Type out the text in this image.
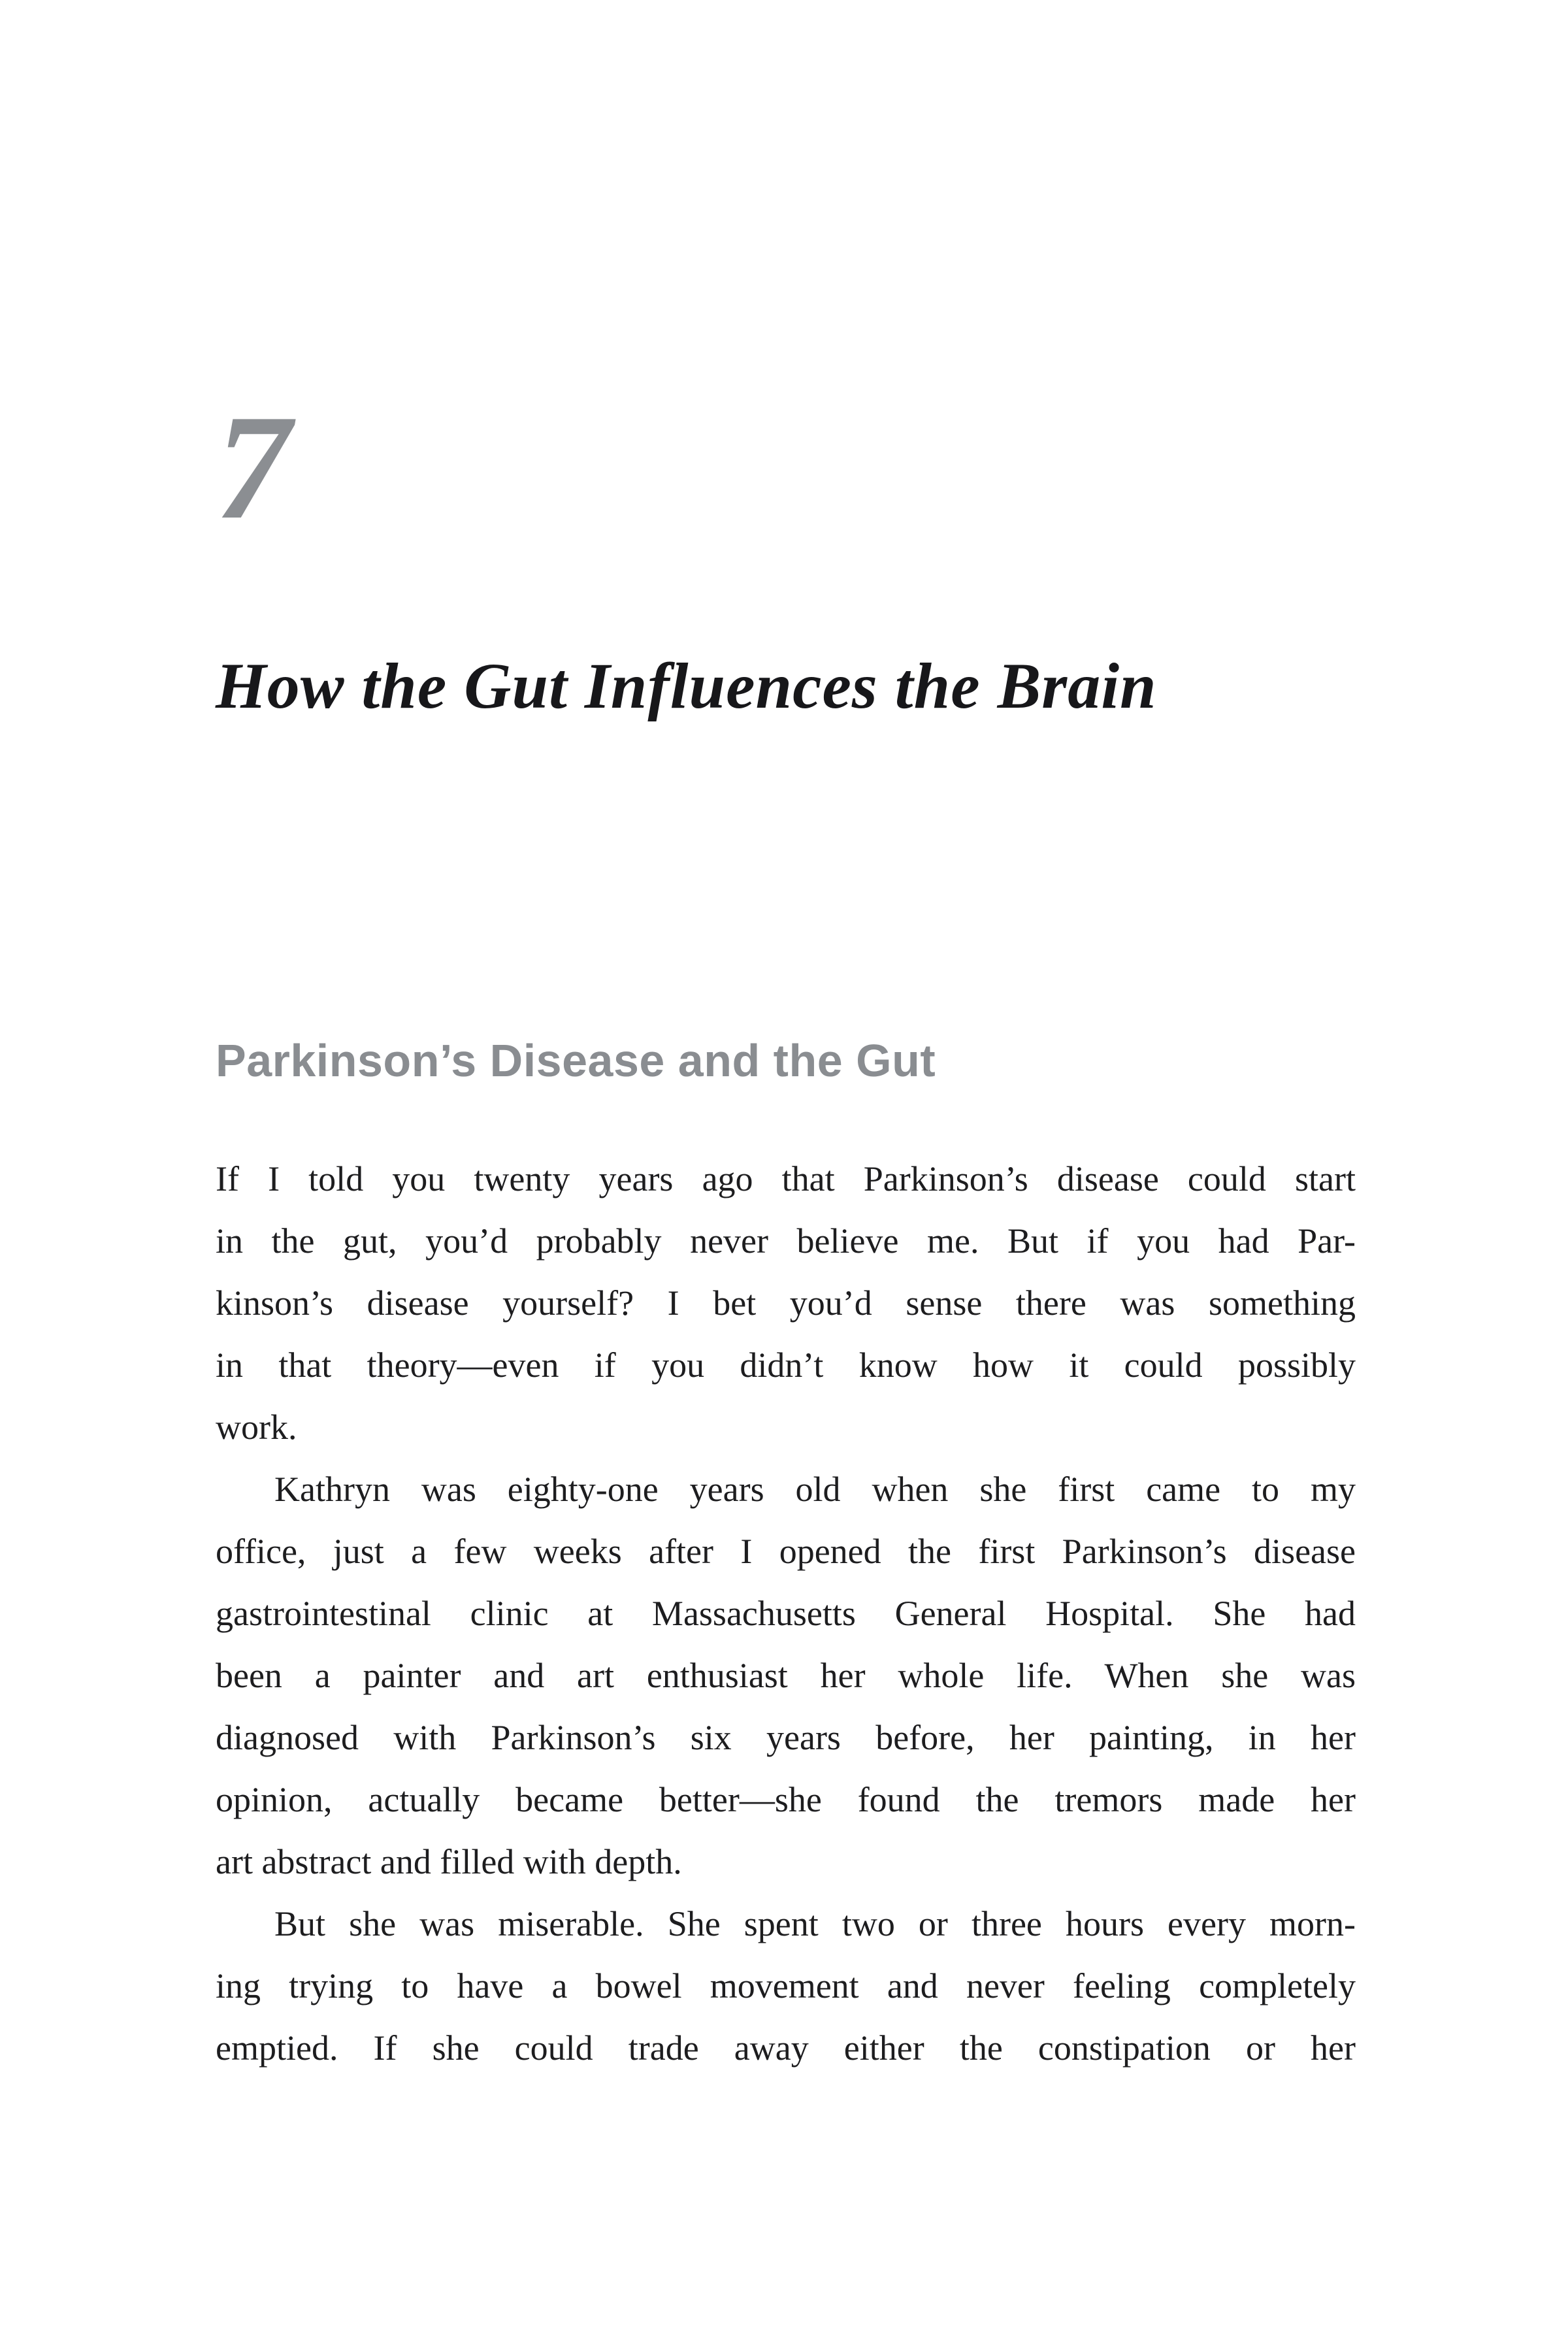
7
How the Gut Influences the Brain
Parkinson’s Disease and the Gut
If I told you twenty years ago that Parkinson’s disease could start
in the gut, you’d probably never believe me. But if you had Par-
kinson’s disease yourself? I bet you’d sense there was something
in that theory—even if you didn’t know how it could possibly
work.
Kathryn was eighty-one years old when she first came to my
office, just a few weeks after I opened the first Parkinson’s disease
gastrointestinal clinic at Massachusetts General Hospital. She had
been a painter and art enthusiast her whole life. When she was
diagnosed with Parkinson’s six years before, her painting, in her
opinion, actually became better—she found the tremors made her
art abstract and filled with depth.
But she was miserable. She spent two or three hours every morn-
ing trying to have a bowel movement and never feeling completely
emptied. If she could trade away either the constipation or her
